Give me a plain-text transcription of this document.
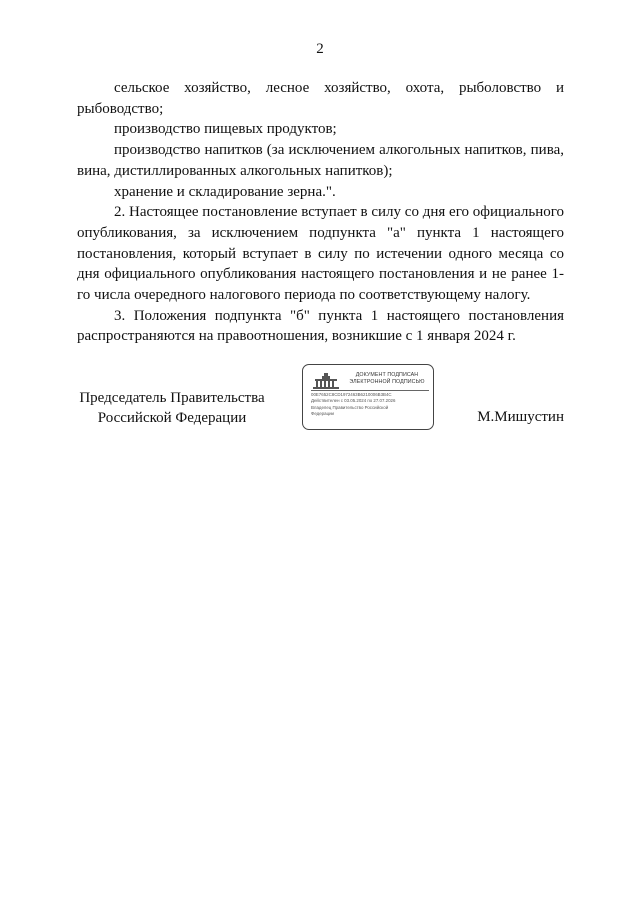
2

сельское хозяйство, лесное хозяйство, охота, рыболовство и рыбоводство;

производство пищевых продуктов;

производство напитков (за исключением алкогольных напитков, пива, вина, дистиллированных алкогольных напитков);

хранение и складирование зерна.".

2. Настоящее постановление вступает в силу со дня его официального опубликования, за исключением подпункта "а" пункта 1 настоящего постановления, который вступает в силу по истечении одного месяца со дня официального опубликования настоящего постановления и не ранее 1-го числа очередного налогового периода по соответствующему налогу.

3. Положения подпункта "б" пункта 1 настоящего постановления распространяются на правоотношения, возникшие с 1 января 2024 г.

Председатель Правительства
Российской Федерации
ДОКУМЕНТ ПОДПИСАН
ЭЛЕКТРОННОЙ ПОДПИСЬЮ
00E7652C8CD1972463B6210006B3B4C
Действителен с 03.05.2024 по 27.07.2026
Владелец Правительство Российской
Федерации	М.Мишустин
